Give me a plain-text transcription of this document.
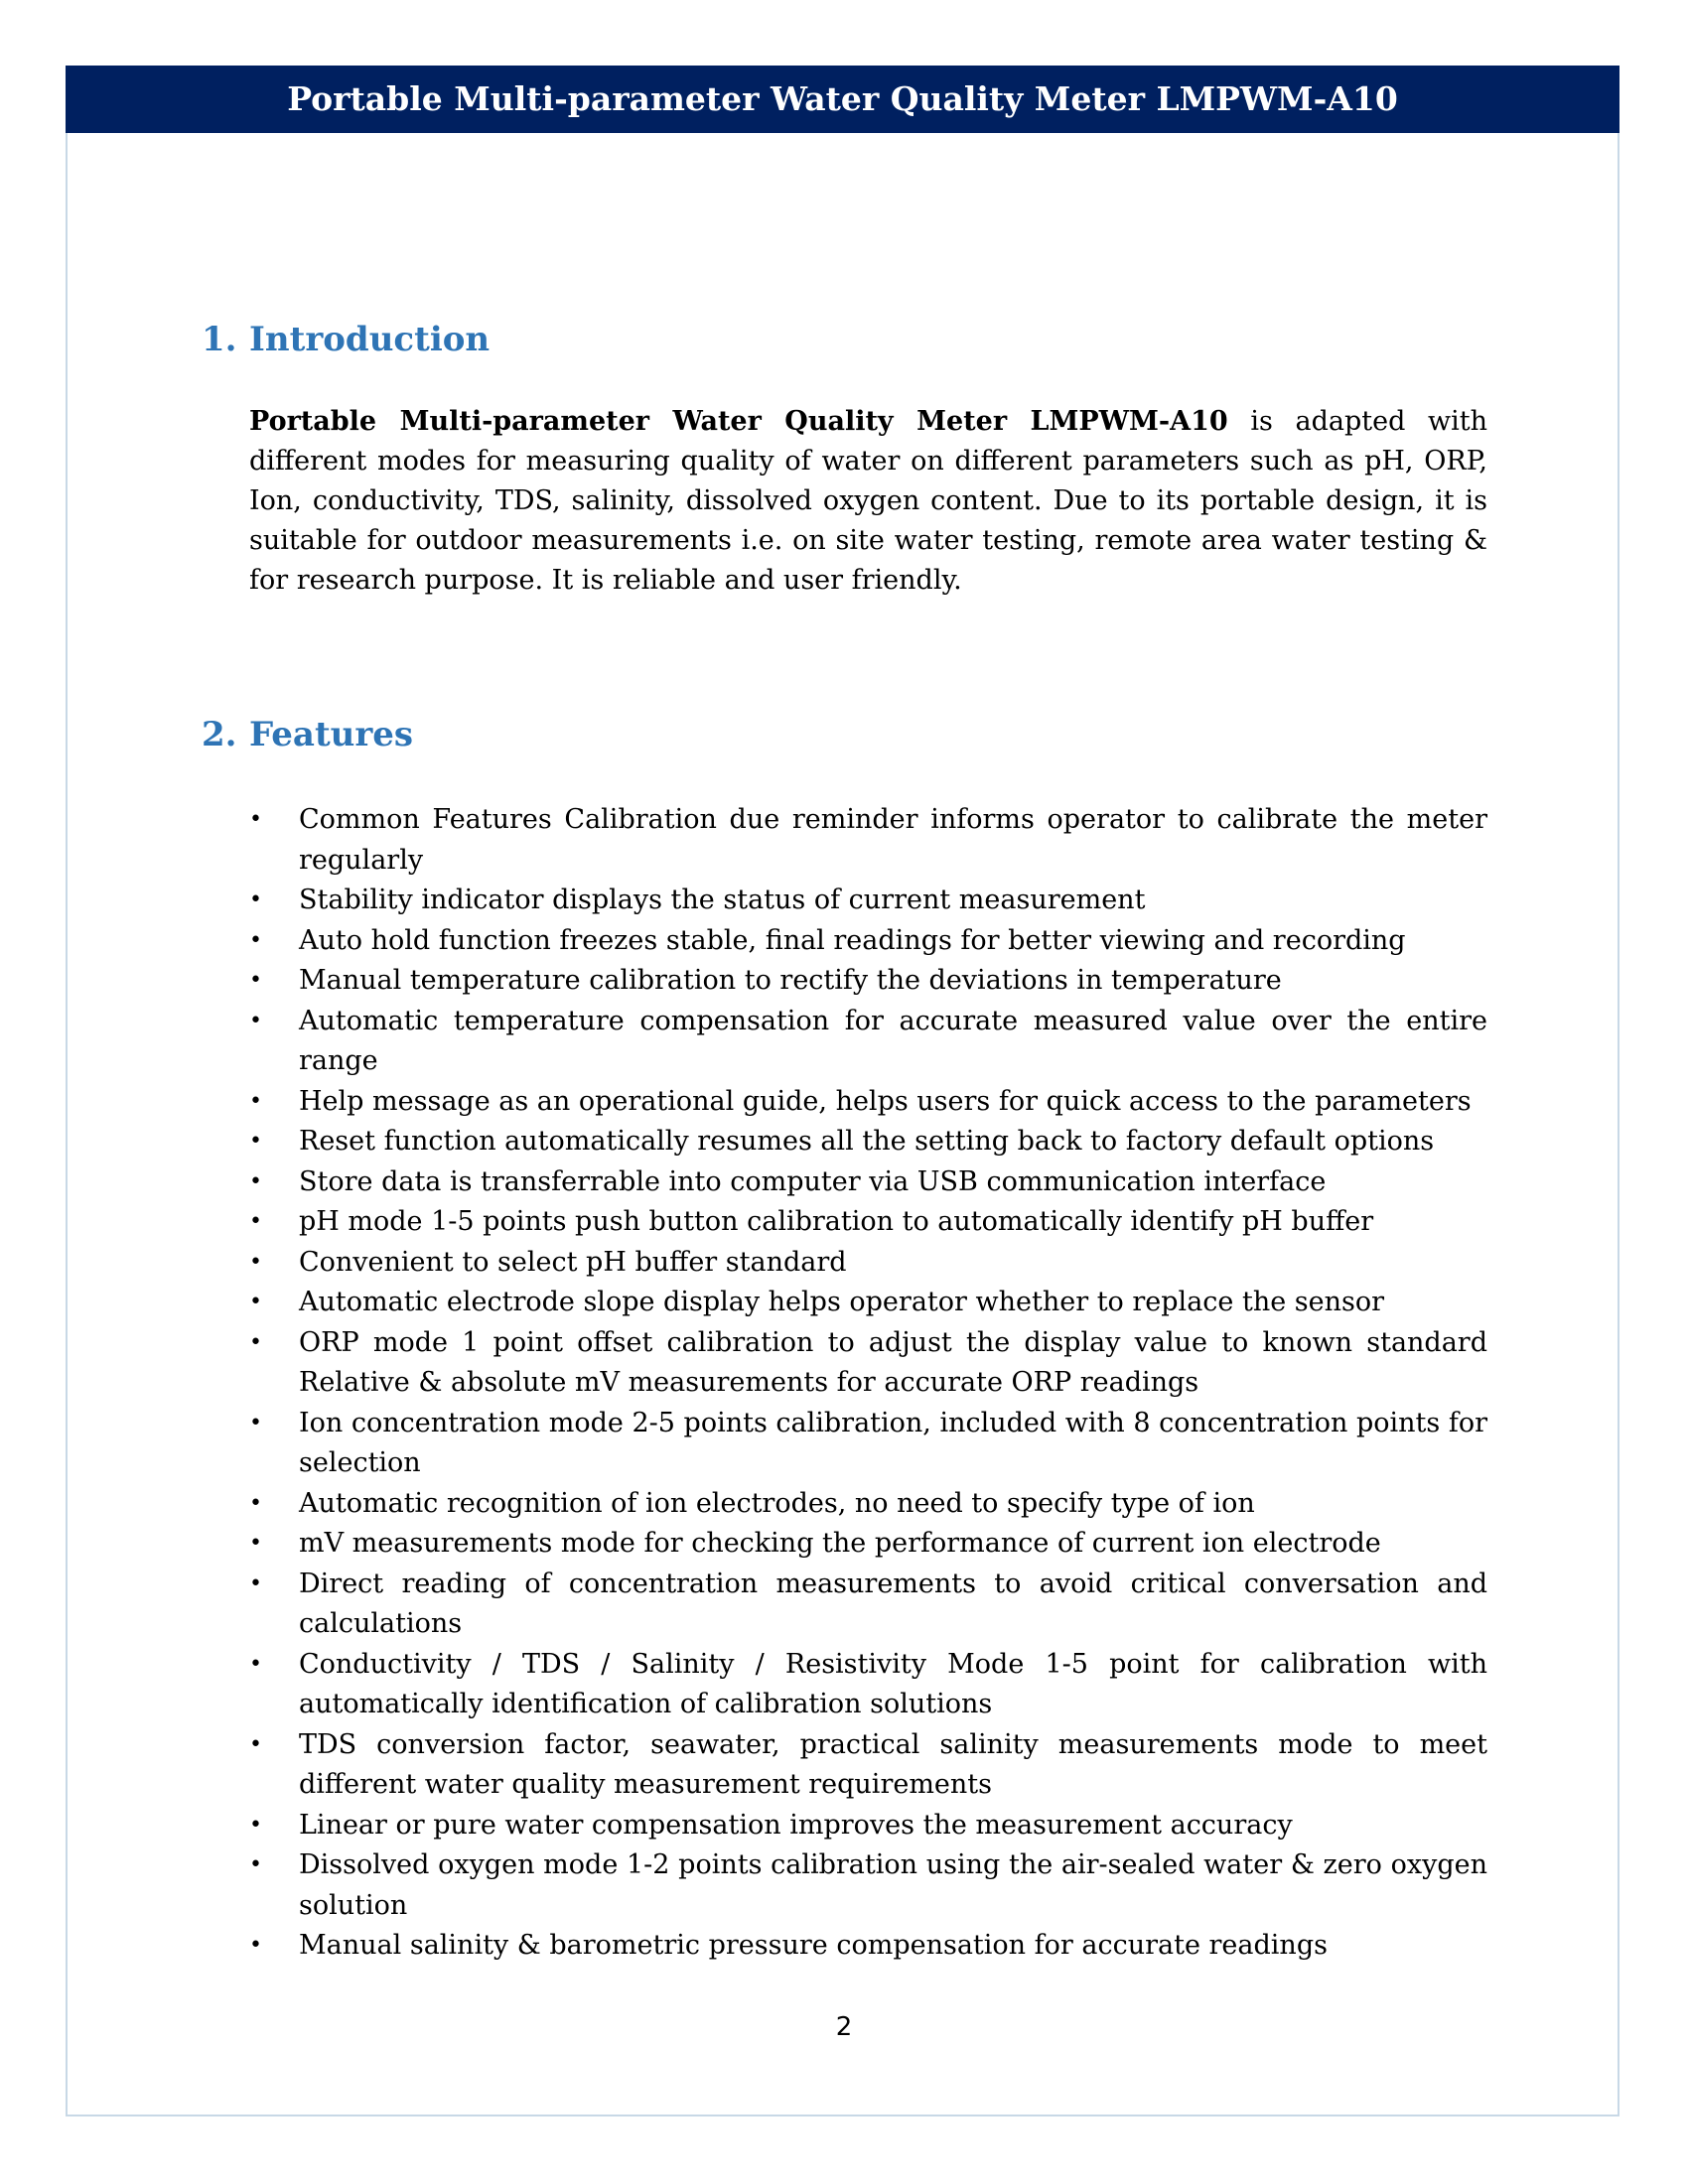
Portable Multi-parameter Water Quality Meter LMPWM-A10
1. Introduction

Portable Multi-parameter Water Quality Meter LMPWM-A10 is adapted with different modes for measuring quality of water on different parameters such as pH, ORP, Ion, conductivity, TDS, salinity, dissolved oxygen content. Due to its portable design, it is suitable for outdoor measurements i.e. on site water testing, remote area water testing & for research purpose. It is reliable and user friendly.

2. Features
•	Common Features Calibration due reminder informs operator to calibrate the meter regularly
•	Stability indicator displays the status of current measurement
•	Auto hold function freezes stable, final readings for better viewing and recording
•	Manual temperature calibration to rectify the deviations in temperature
•	Automatic temperature compensation for accurate measured value over the entire range
•	Help message as an operational guide, helps users for quick access to the parameters
•	Reset function automatically resumes all the setting back to factory default options
•	Store data is transferrable into computer via USB communication interface
•	pH mode 1-5 points push button calibration to automatically identify pH buffer
•	Convenient to select pH buffer standard
•	Automatic electrode slope display helps operator whether to replace the sensor
•	ORP mode 1 point offset calibration to adjust the display value to known standard Relative & absolute mV measurements for accurate ORP readings
•	Ion concentration mode 2-5 points calibration, included with 8 concentration points for selection
•	Automatic recognition of ion electrodes, no need to specify type of ion
•	mV measurements mode for checking the performance of current ion electrode
•	Direct reading of concentration measurements to avoid critical conversation and calculations
•	Conductivity / TDS / Salinity / Resistivity Mode 1-5 point for calibration with automatically identification of calibration solutions
•	TDS conversion factor, seawater, practical salinity measurements mode to meet different water quality measurement requirements
•	Linear or pure water compensation improves the measurement accuracy
•	Dissolved oxygen mode 1-2 points calibration using the air-sealed water & zero oxygen solution
•	Manual salinity & barometric pressure compensation for accurate readings
2
